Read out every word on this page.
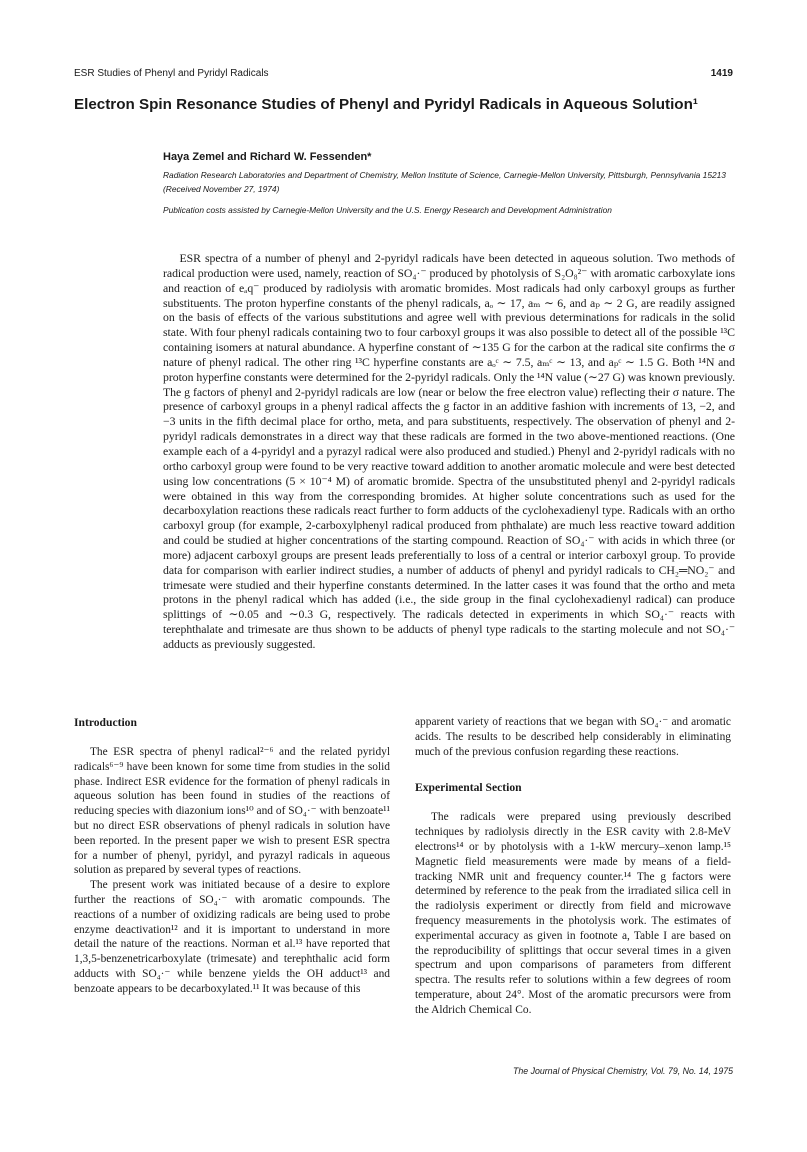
ESR Studies of Phenyl and Pyridyl Radicals	1419
Electron Spin Resonance Studies of Phenyl and Pyridyl Radicals in Aqueous Solution¹
Haya Zemel and Richard W. Fessenden*
Radiation Research Laboratories and Department of Chemistry, Mellon Institute of Science, Carnegie-Mellon University, Pittsburgh, Pennsylvania 15213 (Received November 27, 1974)
Publication costs assisted by Carnegie-Mellon University and the U.S. Energy Research and Development Administration

ESR spectra of a number of phenyl and 2-pyridyl radicals have been detected in aqueous solution. Two methods of radical production were used, namely, reaction of SO₄·⁻ produced by photolysis of S₂O₈²⁻ with aromatic carboxylate ions and reaction of eₐq⁻ produced by radiolysis with aromatic bromides. Most radicals had only carboxyl groups as further substituents. The proton hyperfine constants of the phenyl radicals, aₒ ∼ 17, aₘ ∼ 6, and aₚ ∼ 2 G, are readily assigned on the basis of effects of the various substitutions and agree well with previous determinations for radicals in the solid state. With four phenyl radicals containing two to four carboxyl groups it was also possible to detect all of the possible ¹³C containing isomers at natural abundance. A hyperfine constant of ∼135 G for the carbon at the radical site confirms the σ nature of phenyl radical. The other ring ¹³C hyperfine constants are aₒᶜ ∼ 7.5, aₘᶜ ∼ 13, and aₚᶜ ∼ 1.5 G. Both ¹⁴N and proton hyperfine constants were determined for the 2-pyridyl radicals. Only the ¹⁴N value (∼27 G) was known previously. The g factors of phenyl and 2-pyridyl radicals are low (near or below the free electron value) reflecting their σ nature. The presence of carboxyl groups in a phenyl radical affects the g factor in an additive fashion with increments of 13, −2, and −3 units in the fifth decimal place for ortho, meta, and para substituents, respectively. The observation of phenyl and 2-pyridyl radicals demonstrates in a direct way that these radicals are formed in the two above-mentioned reactions. (One example each of a 4-pyridyl and a pyrazyl radical were also produced and studied.) Phenyl and 2-pyridyl radicals with no ortho carboxyl group were found to be very reactive toward addition to another aromatic molecule and were best detected using low concentrations (5 × 10⁻⁴ M) of aromatic bromide. Spectra of the unsubstituted phenyl and 2-pyridyl radicals were obtained in this way from the corresponding bromides. At higher solute concentrations such as used for the decarboxylation reactions these radicals react further to form adducts of the cyclohexadienyl type. Radicals with an ortho carboxyl group (for example, 2-carboxylphenyl radical produced from phthalate) are much less reactive toward addition and could be studied at higher concentrations of the starting compound. Reaction of SO₄·⁻ with acids in which three (or more) adjacent carboxyl groups are present leads preferentially to loss of a central or interior carboxyl group. To provide data for comparison with earlier indirect studies, a number of adducts of phenyl and pyridyl radicals to CH₂═NO₂⁻ and trimesate were studied and their hyperfine constants determined. In the latter cases it was found that the ortho and meta protons in the phenyl radical which has added (i.e., the side group in the final cyclohexadienyl radical) can produce splittings of ∼0.05 and ∼0.3 G, respectively. The radicals detected in experiments in which SO₄·⁻ reacts with terephthalate and trimesate are thus shown to be adducts of phenyl type radicals to the starting molecule and not SO₄·⁻ adducts as previously suggested.

Introduction

The ESR spectra of phenyl radical²⁻⁶ and the related pyridyl radicals⁶⁻⁹ have been known for some time from studies in the solid phase. Indirect ESR evidence for the formation of phenyl radicals in aqueous solution has been found in studies of the reactions of reducing species with diazonium ions¹⁰ and of SO₄·⁻ with benzoate¹¹ but no direct ESR observations of phenyl radicals in solution have been reported. In the present paper we wish to present ESR spectra for a number of phenyl, pyridyl, and pyrazyl radicals in aqueous solution as prepared by several types of reactions.

The present work was initiated because of a desire to explore further the reactions of SO₄·⁻ with aromatic compounds. The reactions of a number of oxidizing radicals are being used to probe enzyme deactivation¹² and it is important to understand in more detail the nature of the reactions. Norman et al.¹³ have reported that 1,3,5-benzenetricarboxylate (trimesate) and terephthalic acid form adducts with SO₄·⁻ while benzene yields the OH adduct¹³ and benzoate appears to be decarboxylated.¹¹ It was because of this

apparent variety of reactions that we began with SO₄·⁻ and aromatic acids. The results to be described help considerably in eliminating much of the previous confusion regarding these reactions.

Experimental Section

The radicals were prepared using previously described techniques by radiolysis directly in the ESR cavity with 2.8-MeV electrons¹⁴ or by photolysis with a 1-kW mercury–xenon lamp.¹⁵ Magnetic field measurements were made by means of a field-tracking NMR unit and frequency counter.¹⁴ The g factors were determined by reference to the peak from the irradiated silica cell in the radiolysis experiment or directly from field and microwave frequency measurements in the photolysis work. The estimates of experimental accuracy as given in footnote a, Table I are based on the reproducibility of splittings that occur several times in a given spectrum and upon comparisons of parameters from different spectra. The results refer to solutions within a few degrees of room temperature, about 24°. Most of the aromatic precursors were from the Aldrich Chemical Co.

The Journal of Physical Chemistry, Vol. 79, No. 14, 1975
